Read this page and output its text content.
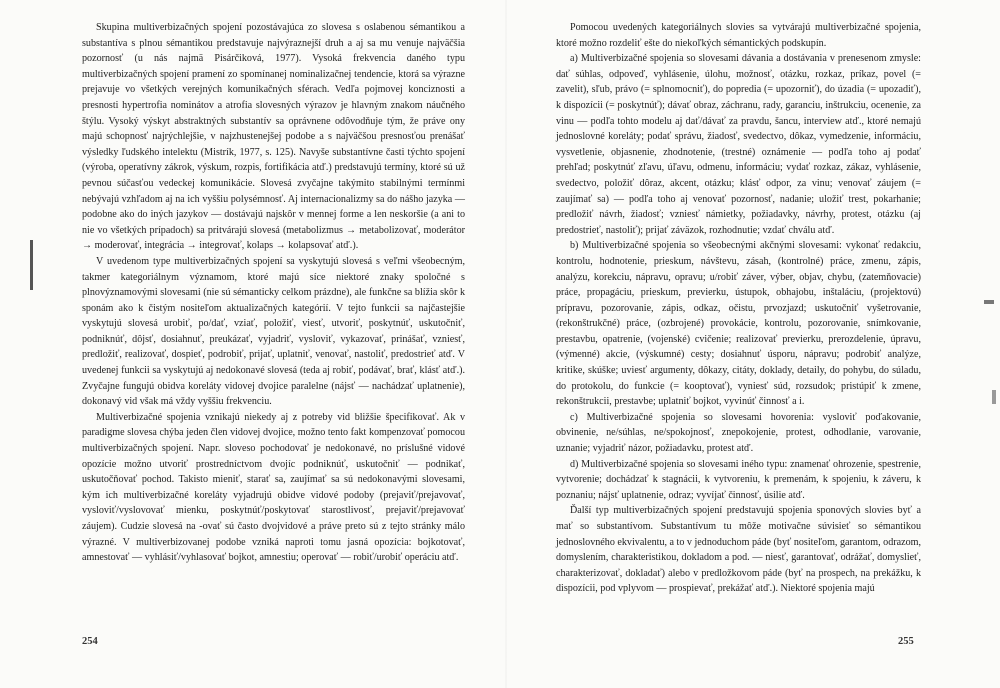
Skupina multiverbizačných spojení pozostávajúca zo slovesa s oslabenou sémantikou a substantíva s plnou sémantikou predstavuje najvýraznejší druh a aj sa mu venuje najväčšia pozornosť (u nás najmä Pisárčiková, 1977). Vysoká frekvencia daného typu multiverbizačných spojení pramení zo spomínanej nominalizačnej tendencie, ktorá sa výrazne prejavuje vo všetkých verejných komunikačných sférach. Vedľa pojmovej konciznosti a presnosti hypertrofia nominátov a atrofia slovesných výrazov je hlavným znakom náučného štýlu. Vysoký výskyt abstraktných substantív sa oprávnene odôvodňuje tým, že práve ony majú schopnosť najrýchlejšie, v najzhustenejšej podobe a s najväčšou presnosťou prenášať výsledky ľudského intelektu (Mistrík, 1977, s. 125). Navyše substantívne časti týchto spojení (výroba, operatívny zákrok, výskum, rozpis, fortifikácia atď.) predstavujú termíny, ktoré sú už pevnou súčasťou vedeckej komunikácie. Slovesá zvyčajne takýmito stabilnými termínmi nebývajú vzhľadom aj na ich vyššiu polysémnosť. Aj internacionalizmy sa do nášho jazyka — podobne ako do iných jazykov — dostávajú najskôr v mennej forme a len neskoršie (a ani to nie vo všetkých prípadoch) sa pritvárajú slovesá (metabolizmus → metabolizovať, moderátor → moderovať, integrácia → integrovať, kolaps → kolapsovať atď.).

V uvedenom type multiverbizačných spojení sa vyskytujú slovesá s veľmi všeobecným, takmer kategoriálnym významom, ktoré majú síce niektoré znaky spoločné s plnovýznamovými slovesami (nie sú sémanticky celkom prázdne), ale funkčne sa blížia skôr k sponám ako k čistým nositeľom aktualizačných kategórií. V tejto funkcii sa najčastejšie vyskytujú slovesá urobiť, po/dať, vziať, položiť, viesť, utvoriť, poskytnúť, uskutočniť, podniknúť, dôjsť, dosiahnuť, preukázať, vyjadriť, vysloviť, vykazovať, prinášať, vzniesť, predložiť, realizovať, dospieť, podrobiť, prijať, uplatniť, venovať, nastoliť, predostrieť atď. V uvedenej funkcii sa vyskytujú aj nedokonavé slovesá (teda aj robiť, podávať, brať, klásť atď.). Zvyčajne fungujú obidva koreláty vidovej dvojice paralelne (nájsť — nachádzať uplatnenie), dokonavý vid však má vždy vyššiu frekvenciu.

Multiverbizačné spojenia vznikajú niekedy aj z potreby vid bližšie špecifikovať. Ak v paradigme slovesa chýba jeden člen vidovej dvojice, možno tento fakt kompenzovať pomocou multiverbizačných spojení. Napr. sloveso pochodovať je nedokonavé, no príslušné vidové opozície možno utvoriť prostredníctvom dvojíc podniknúť, uskutočniť — podnikať, uskutočňovať pochod. Takisto mieniť, starať sa, zaujímať sa sú nedokonavými slovesami, kým ich multiverbizačné koreláty vyjadrujú obidve vidové podoby (prejaviť/prejavovať, vysloviť/vyslovovať mienku, poskytnúť/poskytovať starostlivosť, prejaviť/prejavovať záujem). Cudzie slovesá na -ovať sú často dvojvidové a práve preto sú z tejto stránky málo výrazné. V multiverbizovanej podobe vzniká naproti tomu jasná opozícia: bojkotovať, amnestovať — vyhlásiť/vyhlasovať bojkot, amnestiu; operovať — robiť/urobiť operáciu atď.

254

Pomocou uvedených kategoriálnych slovies sa vytvárajú multiverbizačné spojenia, ktoré možno rozdeliť ešte do niekoľkých sémantických podskupín.

a) Multiverbizačné spojenia so slovesami dávania a dostávania v prenesenom zmysle: dať súhlas, odpoveď, vyhlásenie, úlohu, možnosť, otázku, rozkaz, príkaz, povel (= zavelit), sľub, právo (= splnomocniť), do popredia (= upozorniť), do úzadia (= upozadiť), k dispozícii (= poskytnúť); dávať obraz, záchranu, rady, garanciu, inštrukciu, ocenenie, za vinu — podľa tohto modelu aj dať/dávať za pravdu, šancu, interview atď., ktoré nemajú jednoslovné koreláty; podať správu, žiadosť, svedectvo, dôkaz, vymedzenie, informáciu, vysvetlenie, objasnenie, zhodnotenie, (trestné) oznámenie — podľa toho aj podať prehľad; poskytnúť zľavu, úľavu, odmenu, informáciu; vydať rozkaz, zákaz, vyhlásenie, svedectvo, položiť dôraz, akcent, otázku; klásť odpor, za vinu; venovať záujem (= zaujímať sa) — podľa toho aj venovať pozornosť, nadanie; uložiť trest, pokarhanie; predložiť návrh, žiadosť; vzniesť námietky, požiadavky, návrhy, protest, otázku (aj predostrieť, nastoliť); prijať záväzok, rozhodnutie; vzdať chválu atď.

b) Multiverbizačné spojenia so všeobecnými akčnými slovesami: vykonať redakciu, kontrolu, hodnotenie, prieskum, návštevu, zásah, (kontrolné) práce, zmenu, zápis, analýzu, korekciu, nápravu, opravu; u/robiť záver, výber, objav, chybu, (zatemňovacie) práce, propagáciu, prieskum, previerku, ústupok, obhajobu, inštaláciu, (projektovú) prípravu, pozorovanie, zápis, odkaz, očistu, prvozjazd; uskutočniť vyšetrovanie, (rekonštrukčné) práce, (ozbrojené) provokácie, kontrolu, pozorovanie, snímkovanie, prestavbu, opatrenie, (vojenské) cvičenie; realizovať previerku, prerozdelenie, úpravu, (výmenné) akcie, (výskumné) cesty; dosiahnuť úsporu, nápravu; podrobiť analýze, kritike, skúške; uviesť argumenty, dôkazy, citáty, doklady, detaily, do pohybu, do súladu, do protokolu, do funkcie (= kooptovať), vyniesť súd, rozsudok; pristúpiť k zmene, rekonštrukcii, prestavbe; uplatniť bojkot, vyvinúť činnosť a i.

c) Multiverbizačné spojenia so slovesami hovorenia: vysloviť poďakovanie, obvinenie, ne/súhlas, ne/spokojnosť, znepokojenie, protest, odhodlanie, varovanie, uznanie; vyjadriť názor, požiadavku, protest atď.

d) Multiverbizačné spojenia so slovesami iného typu: znamenať ohrozenie, spestrenie, vytvorenie; dochádzať k stagnácii, k vytvoreniu, k premenám, k spojeniu, k záveru, k poznaniu; nájsť uplatnenie, odraz; vyvíjať činnosť, úsilie atď.

Ďalší typ multiverbizačných spojení predstavujú spojenia sponových slovies byť a mať so substantívom. Substantívum tu môže motivačne súvisieť so sémantikou jednoslovného ekvivalentu, a to v jednoduchom páde (byť nositeľom, garantom, odrazom, domyslením, charakteristikou, dokladom a pod. — niesť, garantovať, odrážať, domyslieť, charakterizovať, dokladať) alebo v predložkovom páde (byť na prospech, na prekážku, k dispozícii, pod vplyvom — prospievať, prekážať atď.). Niektoré spojenia majú

255
